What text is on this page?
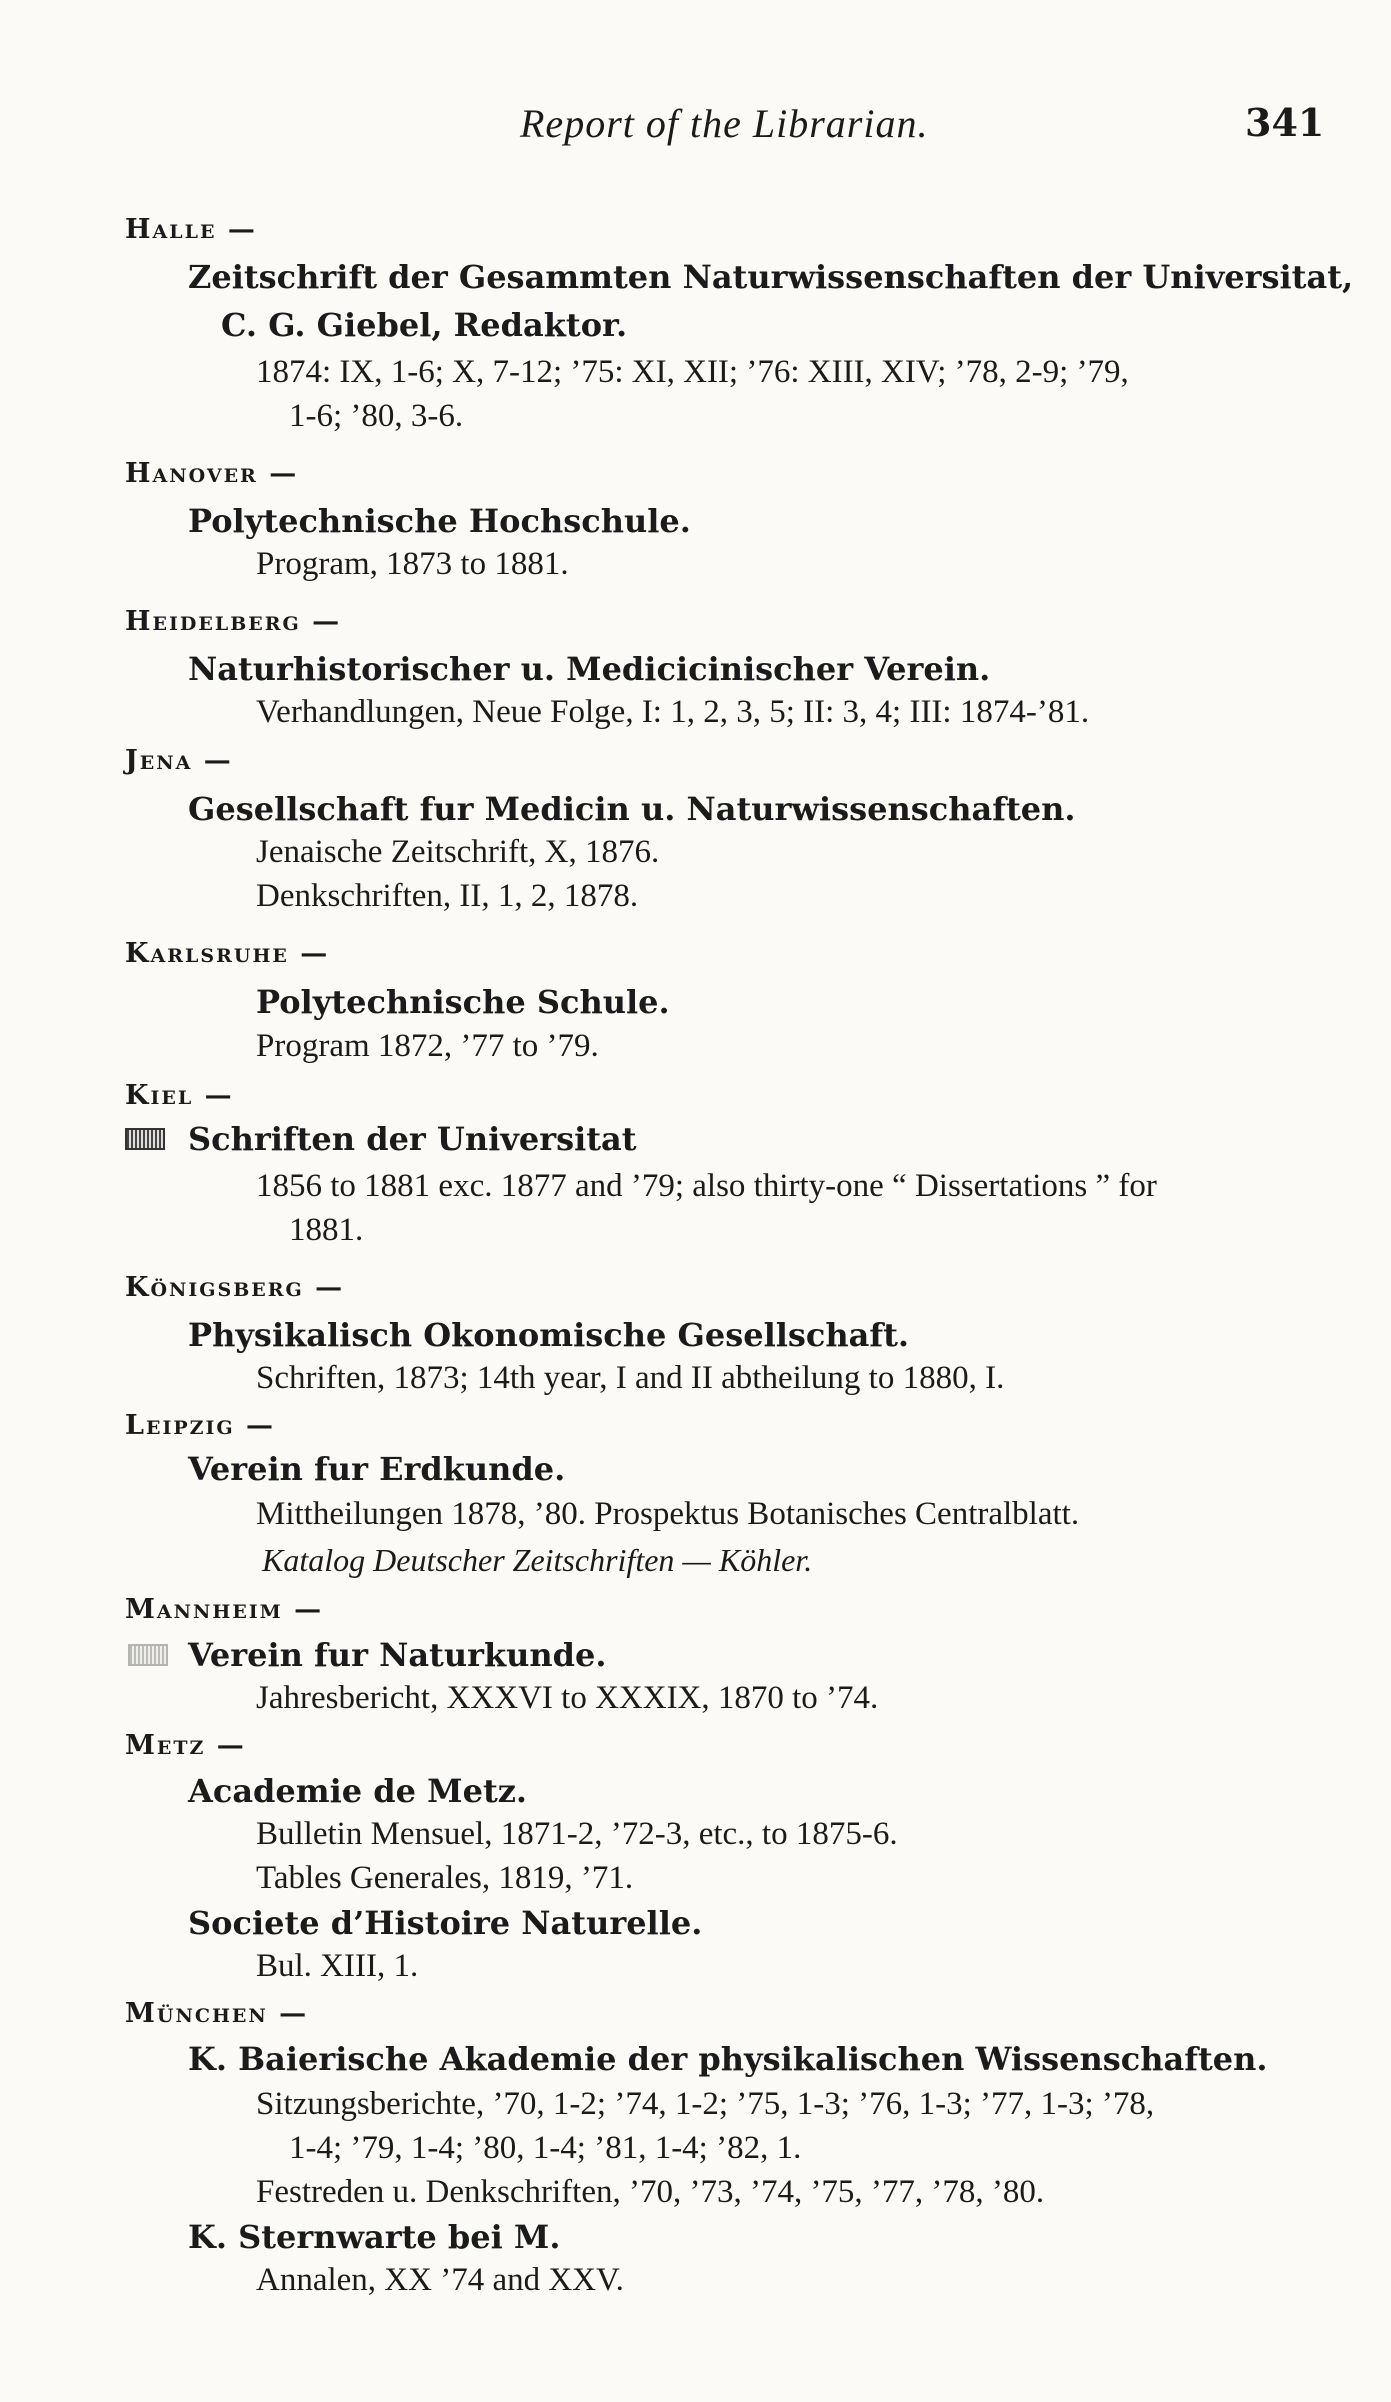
Report of the Librarian.	341
Halle —
Zeitschrift der Gesammten Naturwissenschaften der Universitat,
C. G. Giebel, Redaktor.
1874: IX, 1-6; X, 7-12; ’75: XI, XII; ’76: XIII, XIV; ’78, 2-9; ’79,
1-6; ’80, 3-6.
Hanover —
Polytechnische Hochschule.
Program, 1873 to 1881.
Heidelberg —
Naturhistorischer u. Medicicinischer Verein.
Verhandlungen, Neue Folge, I: 1, 2, 3, 5; II: 3, 4; III: 1874-’81.
Jena —
Gesellschaft fur Medicin u. Naturwissenschaften.
Jenaische Zeitschrift, X, 1876.
Denkschriften, II, 1, 2, 1878.
Karlsruhe —
Polytechnische Schule.
Program 1872, ’77 to ’79.
Kiel —
Schriften der Universitat
1856 to 1881 exc. 1877 and ’79; also thirty-one “ Dissertations ” for
1881.
Königsberg —
Physikalisch Okonomische Gesellschaft.
Schriften, 1873; 14th year, I and II abtheilung to 1880, I.
Leipzig —
Verein fur Erdkunde.
Mittheilungen 1878, ’80. Prospektus Botanisches Centralblatt.
Katalog Deutscher Zeitschriften — Köhler.
Mannheim —
Verein fur Naturkunde.
Jahresbericht, XXXVI to XXXIX, 1870 to ’74.
Metz —
Academie de Metz.
Bulletin Mensuel, 1871-2, ’72-3, etc., to 1875-6.
Tables Generales, 1819, ’71.
Societe d’Histoire Naturelle.
Bul. XIII, 1.
München —
K. Baierische Akademie der physikalischen Wissenschaften.
Sitzungsberichte, ’70, 1-2; ’74, 1-2; ’75, 1-3; ’76, 1-3; ’77, 1-3; ’78,
1-4; ’79, 1-4; ’80, 1-4; ’81, 1-4; ’82, 1.
Festreden u. Denkschriften, ’70, ’73, ’74, ’75, ’77, ’78, ’80.
K. Sternwarte bei M.
Annalen, XX ’74 and XXV.
